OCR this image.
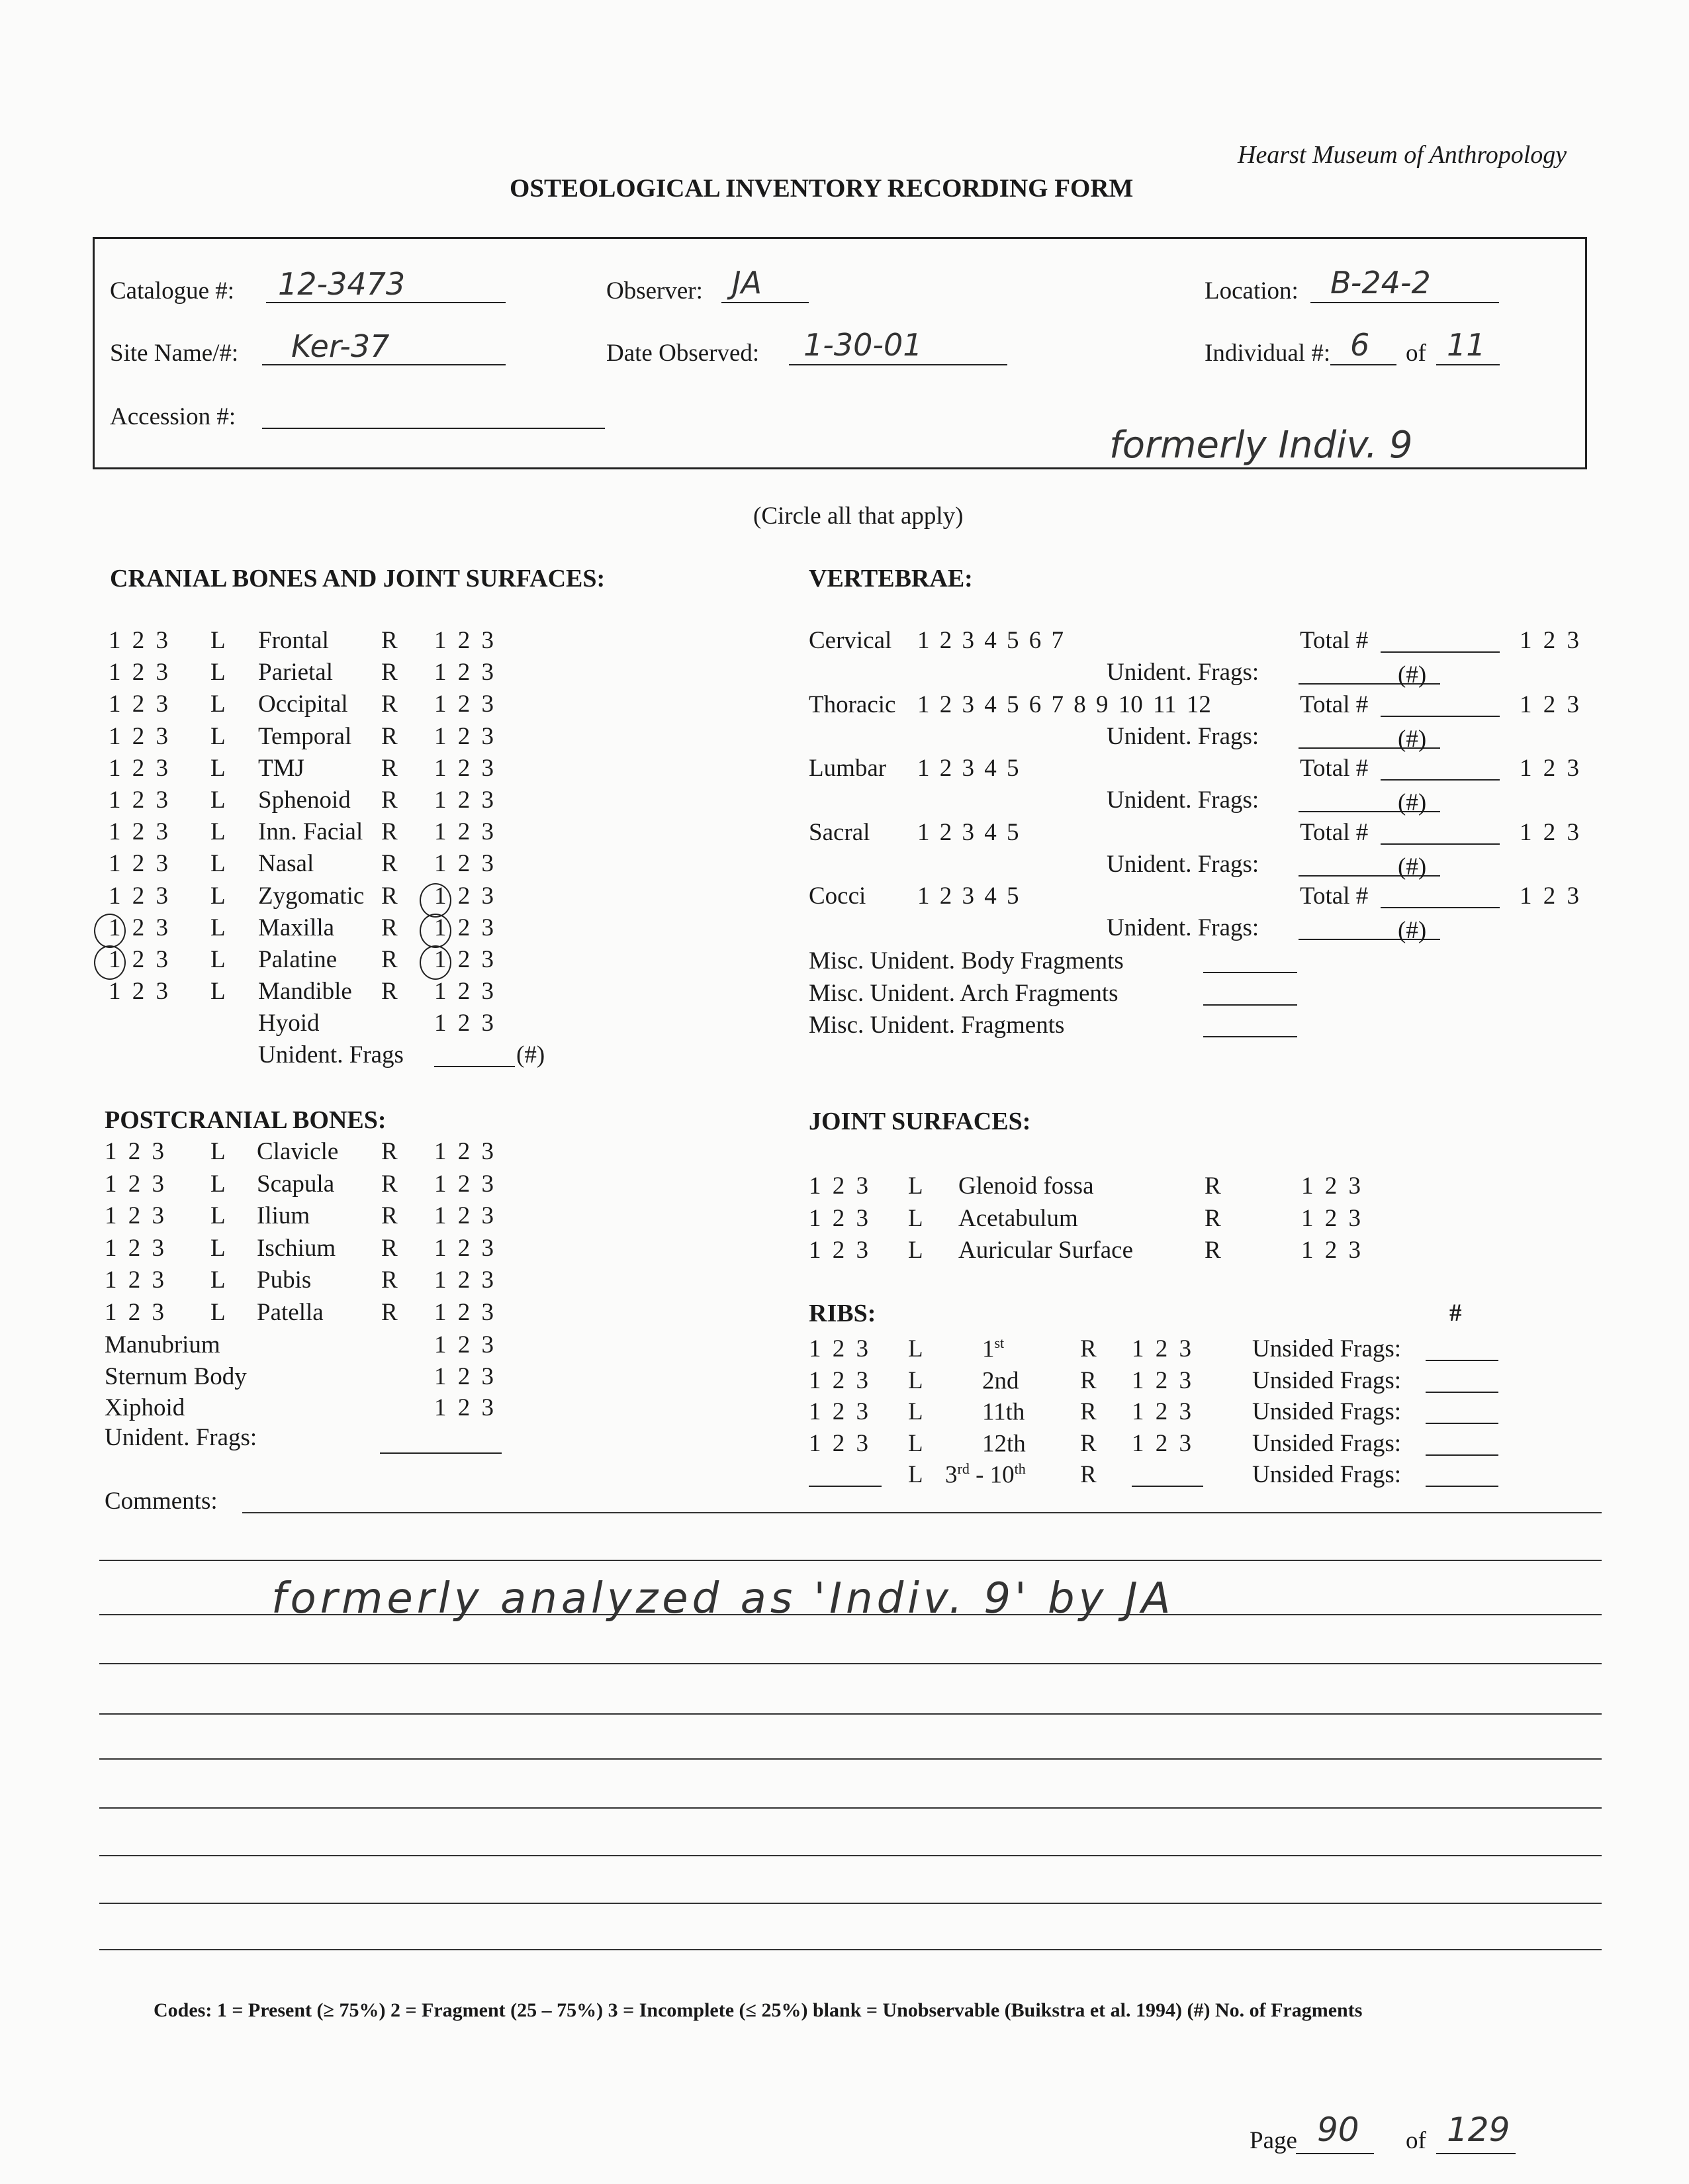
Hearst Museum of Anthropology
OSTEOLOGICAL INVENTORY RECORDING FORM
Catalogue #: 12-3473	Observer: JA	Location: B-24-2
Site Name/#: Ker-37	Date Observed: 1-30-01	Individual #: 6 of 11
Accession #:
formerly Indiv. 9
(Circle all that apply)
CRANIAL BONES AND JOINT SURFACES:
1 2 3 L Frontal R 1 2 3
1 2 3 L Parietal R 1 2 3
1 2 3 L Occipital R 1 2 3
1 2 3 L Temporal R 1 2 3
1 2 3 L TMJ	R 1 2 3
1 2 3 L Sphenoid R 1 2 3
1 2 3 L Inn. Facial R 1 2 3
1 2 3 L Nasal	R 1 2 3
1 2 3 L Zygomatic R 1 2 3
1 2 3 L Maxilla R 1 2 3
1 2 3 L Palatine R 1 2 3
1 2 3 L Mandible R 1 2 3
Hyoid	1 2 3
Unident. Frags	(#)
VERTEBRAE:
Cervical 1 2 3 4 5 6 7	Total #	1 2 3
Unident. Frags:	(#)
Thoracic 1 2 3 4 5 6 7 8 9 10 11 12	Total #	1 2 3
Unident. Frags:	(#)
Lumbar 1 2 3 4 5	Total #	1 2 3
Unident. Frags:	(#)
Sacral 1 2 3 4 5	Total #	1 2 3
Unident. Frags:	(#)
Cocci 1 2 3 4 5	Total #	1 2 3
Unident. Frags:	(#)
Misc. Unident. Body Fragments
Misc. Unident. Arch Fragments
Misc. Unident. Fragments
POSTCRANIAL BONES:
1 2 3 L Clavicle R 1 2 3
1 2 3 L Scapula R 1 2 3
1 2 3 L Ilium	R 1 2 3
1 2 3 L Ischium R 1 2 3
1 2 3 L Pubis	R 1 2 3
1 2 3 L Patella R 1 2 3
Manubrium	1 2 3
Sternum Body	1 2 3
Xiphoid	1 2 3
Unident. Frags:
JOINT SURFACES:
1 2 3 L Glenoid fossa	R	1 2 3
1 2 3 L Acetabulum	R	1 2 3
1 2 3 L Auricular Surface	R	1 2 3
RIBS:	#
1 2 3 L 1st	R 1 2 3 Unsided Frags:
1 2 3 L 2nd	R 1 2 3 Unsided Frags:
1 2 3 L 11th R 1 2 3 Unsided Frags:
1 2 3 L 12th R 1 2 3 Unsided Frags:
L 3rd - 10th R	Unsided Frags:
Comments:
formerly analyzed as 'Indiv. 9' by JA
Codes: 1 = Present (≥ 75%) 2 = Fragment (25 – 75%) 3 = Incomplete (≤ 25%) blank = Unobservable (Buikstra et al. 1994) (#) No. of Fragments
Page 90 of 129
